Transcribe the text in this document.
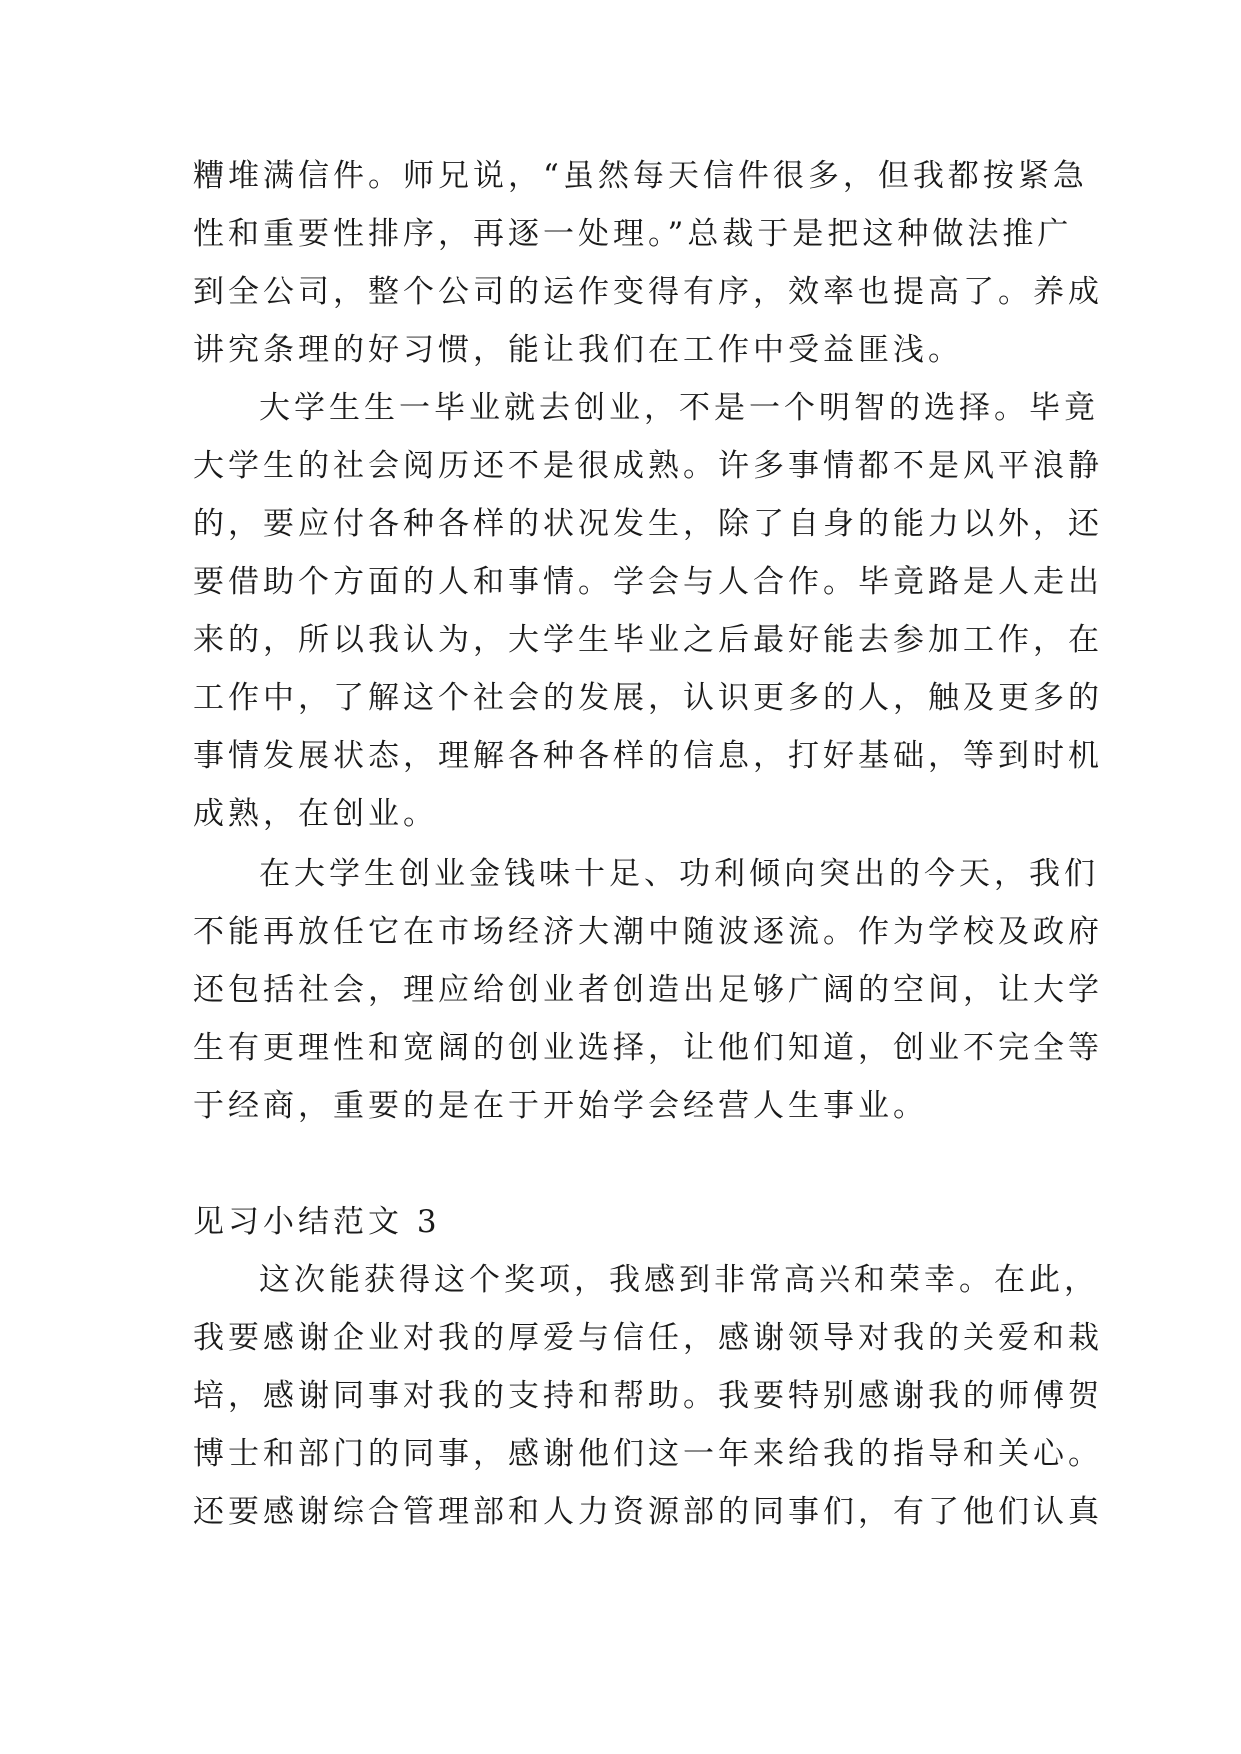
糟堆满信件。师兄说，“虽然每天信件很多，但我都按紧急
性和重要性排序，再逐一处理。”总裁于是把这种做法推广
到全公司，整个公司的运作变得有序，效率也提高了。养成
讲究条理的好习惯，能让我们在工作中受益匪浅。
大学生生一毕业就去创业，不是一个明智的选择。毕竟
大学生的社会阅历还不是很成熟。许多事情都不是风平浪静
的，要应付各种各样的状况发生，除了自身的能力以外，还
要借助个方面的人和事情。学会与人合作。毕竟路是人走出
来的，所以我认为，大学生毕业之后最好能去参加工作，在
工作中，了解这个社会的发展，认识更多的人，触及更多的
事情发展状态，理解各种各样的信息，打好基础，等到时机
成熟，在创业。
在大学生创业金钱味十足、功利倾向突出的今天，我们
不能再放任它在市场经济大潮中随波逐流。作为学校及政府
还包括社会，理应给创业者创造出足够广阔的空间，让大学
生有更理性和宽阔的创业选择，让他们知道，创业不完全等
于经商，重要的是在于开始学会经营人生事业。
见习小结范文 3
这次能获得这个奖项，我感到非常高兴和荣幸。在此，
我要感谢企业对我的厚爱与信任，感谢领导对我的关爱和栽
培，感谢同事对我的支持和帮助。我要特别感谢我的师傅贺
博士和部门的同事，感谢他们这一年来给我的指导和关心。
还要感谢综合管理部和人力资源部的同事们，有了他们认真
